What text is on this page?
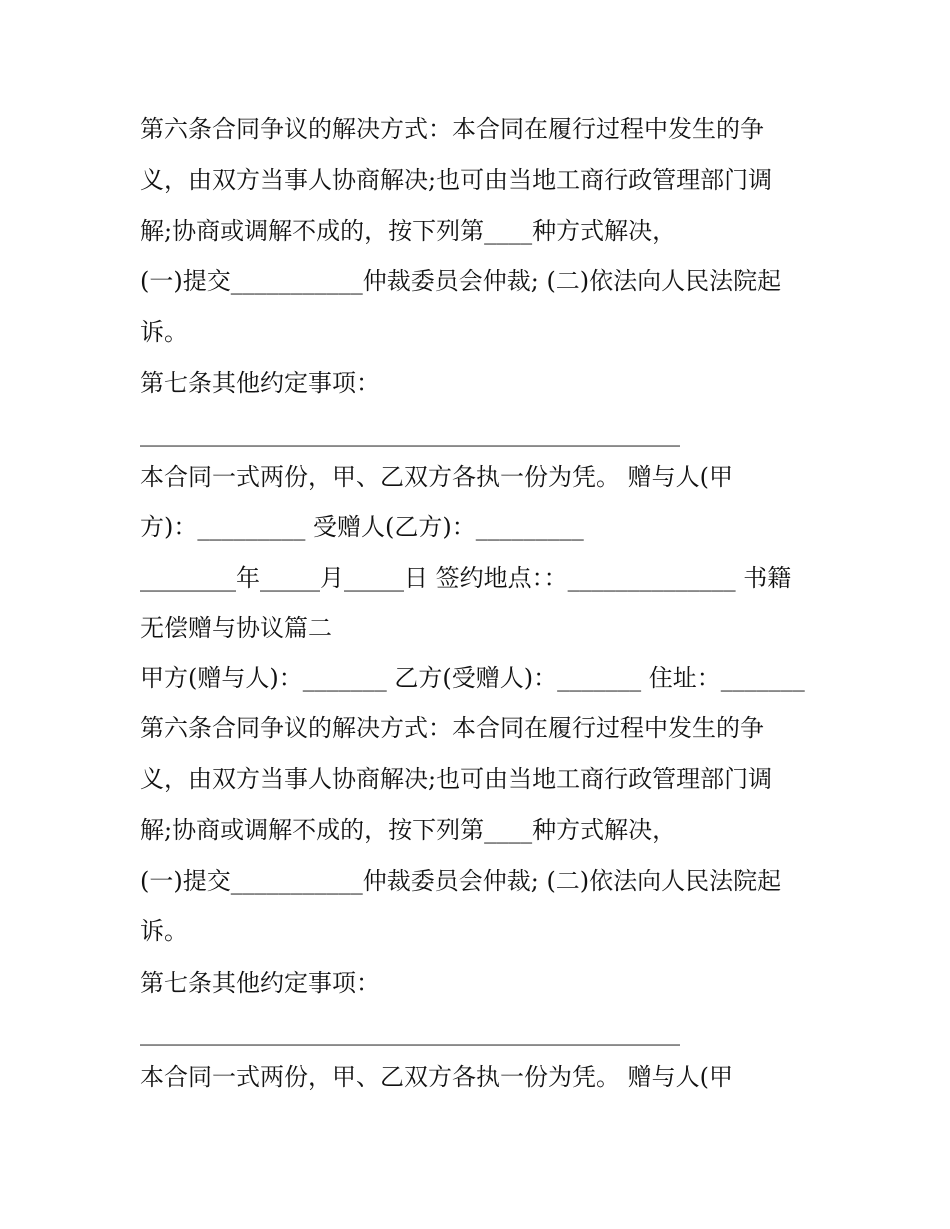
第六条合同争议的解决方式：本合同在履行过程中发生的争

义，由双方当事人协商解决;也可由当地工商行政管理部门调

解;协商或调解不成的，按下列第____种方式解决，

(一)提交___________仲裁委员会仲裁; (二)依法向人民法院起

诉。

第七条其他约定事项：

_____________________________________________

本合同一式两份，甲、乙双方各执一份为凭。 赠与人(甲

方)：_________ 受赠人(乙方)：_________

________年_____月_____日 签约地点：：______________ 书籍

无偿赠与协议篇二

甲方(赠与人)：_______ 乙方(受赠人)：_______ 住址：_______

第六条合同争议的解决方式：本合同在履行过程中发生的争

义，由双方当事人协商解决;也可由当地工商行政管理部门调

解;协商或调解不成的，按下列第____种方式解决，

(一)提交___________仲裁委员会仲裁; (二)依法向人民法院起

诉。

第七条其他约定事项：

_____________________________________________

本合同一式两份，甲、乙双方各执一份为凭。 赠与人(甲
